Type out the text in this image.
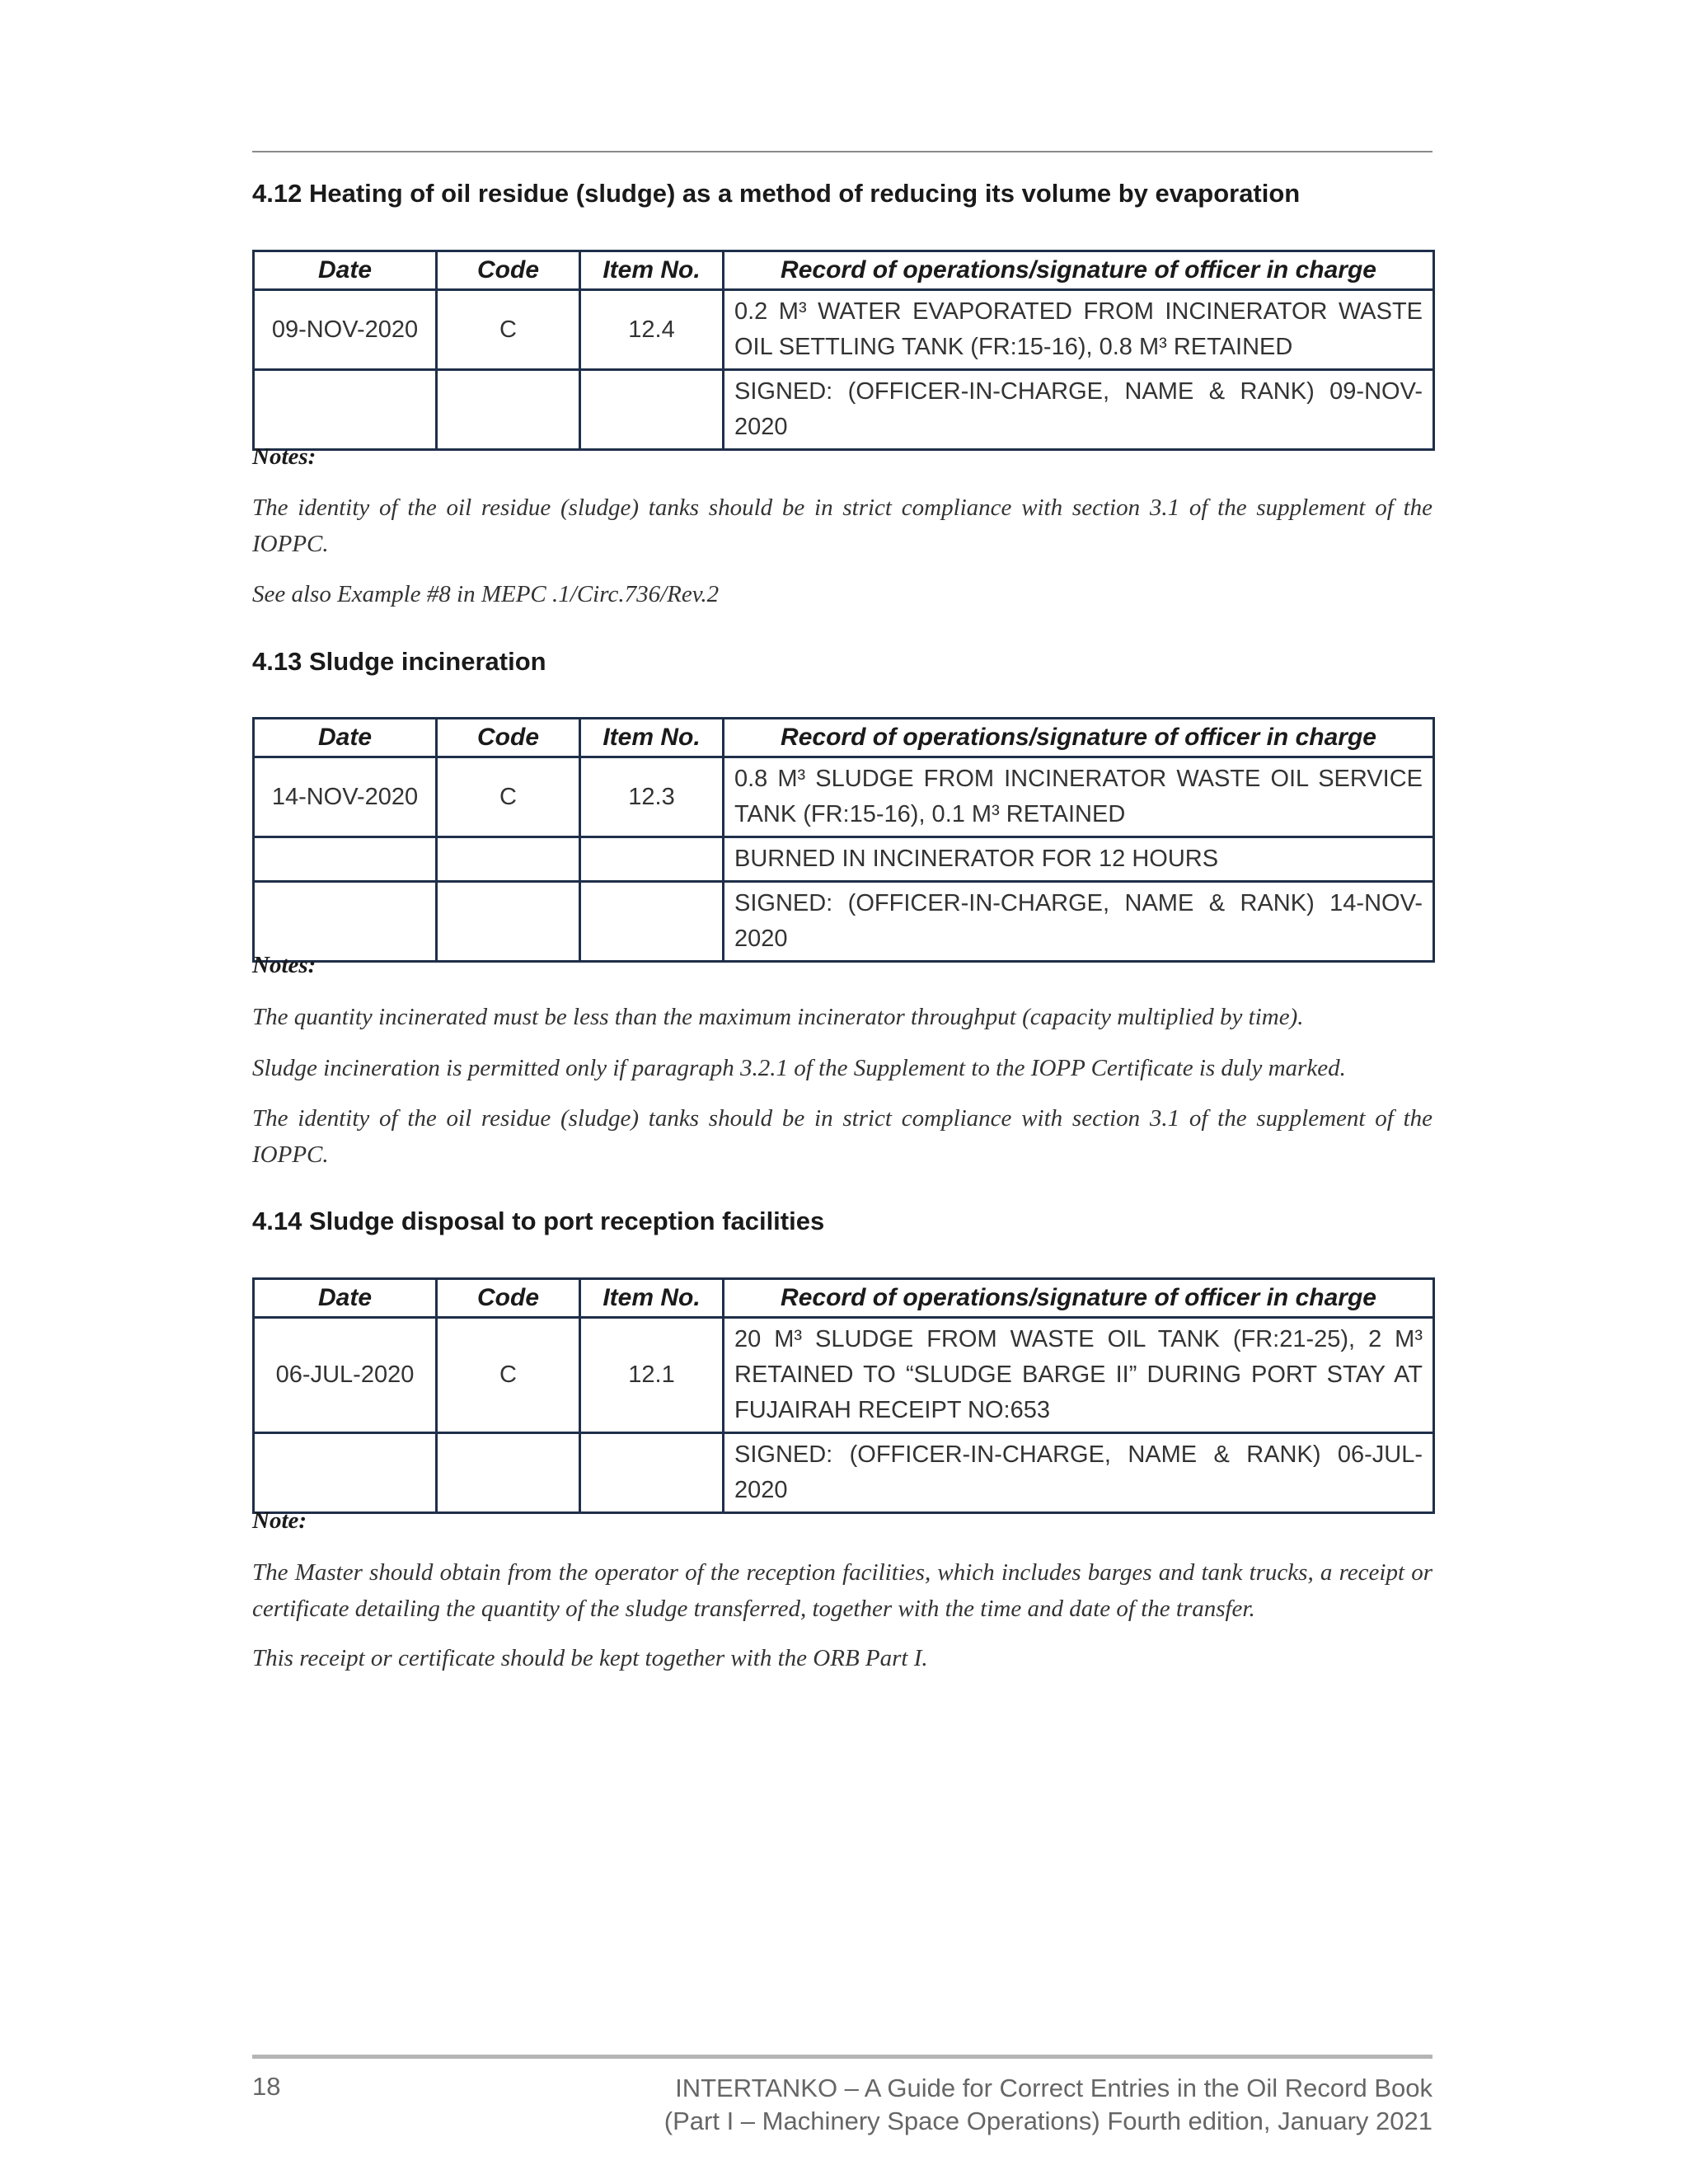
4.12 Heating of oil residue (sludge) as a method of reducing its volume by evaporation
Date	Code	Item No.	Record of operations/signature of officer in charge
09-NOV-2020	C	12.4	0.2 M³ WATER EVAPORATED FROM INCINERATOR WASTE OIL SETTLING TANK (FR:15-16), 0.8 M³ RETAINED
			SIGNED: (OFFICER-IN-CHARGE, NAME & RANK) 09-NOV-2020

Notes:

The identity of the oil residue (sludge) tanks should be in strict compliance with section 3.1 of the supplement of the IOPPC.

See also Example #8 in MEPC .1/Circ.736/Rev.2

4.13 Sludge incineration
Date	Code	Item No.	Record of operations/signature of officer in charge
14-NOV-2020	C	12.3	0.8 M³ SLUDGE FROM INCINERATOR WASTE OIL SERVICE TANK (FR:15-16), 0.1 M³ RETAINED
			BURNED IN INCINERATOR FOR 12 HOURS
			SIGNED: (OFFICER-IN-CHARGE, NAME & RANK) 14-NOV-2020

Notes:

The quantity incinerated must be less than the maximum incinerator throughput (capacity multiplied by time).

Sludge incineration is permitted only if paragraph 3.2.1 of the Supplement to the IOPP Certificate is duly marked.

The identity of the oil residue (sludge) tanks should be in strict compliance with section 3.1 of the supplement of the IOPPC.

4.14 Sludge disposal to port reception facilities
Date	Code	Item No.	Record of operations/signature of officer in charge
06-JUL-2020	C	12.1	20 M³ SLUDGE FROM WASTE OIL TANK (FR:21-25), 2 M³ RETAINED TO “SLUDGE BARGE II” DURING PORT STAY AT FUJAIRAH RECEIPT NO:653
			SIGNED: (OFFICER-IN-CHARGE, NAME & RANK) 06-JUL-2020

Note:

The Master should obtain from the operator of the reception facilities, which includes barges and tank trucks, a receipt or certificate detailing the quantity of the sludge transferred, together with the time and date of the transfer.

This receipt or certificate should be kept together with the ORB Part I.

18	INTERTANKO – A Guide for Correct Entries in the Oil Record Book
(Part I – Machinery Space Operations) Fourth edition, January 2021
